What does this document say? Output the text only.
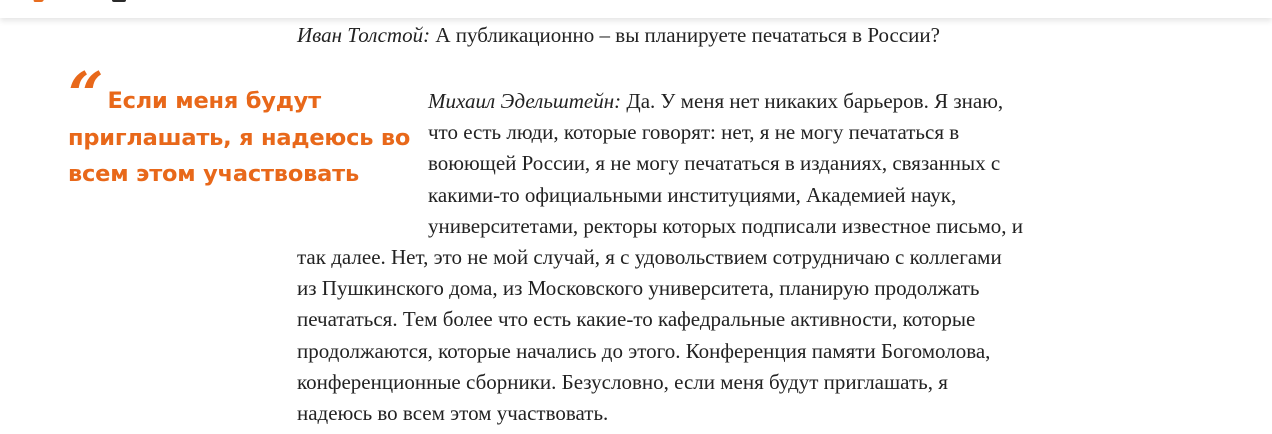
Иван Толстой: А публикационно – вы планируете печататься в России?

“ Если меня будут
приглашать, я надеюсь во
всем этом участвовать

Михаил Эдельштейн: Да. У меня нет никаких барьеров. Я знаю,
что есть люди, которые говорят: нет, я не могу печататься в
воюющей России, я не могу печататься в изданиях, связанных с
какими-то официальными институциями, Академией наук,
университетами, ректоры которых подписали известное письмо, и

так далее. Нет, это не мой случай, я с удовольствием сотрудничаю с коллегами
из Пушкинского дома, из Московского университета, планирую продолжать
печататься. Тем более что есть какие-то кафедральные активности, которые
продолжаются, которые начались до этого. Конференция памяти Богомолова,
конференционные сборники. Безусловно, если меня будут приглашать, я
надеюсь во всем этом участвовать.
